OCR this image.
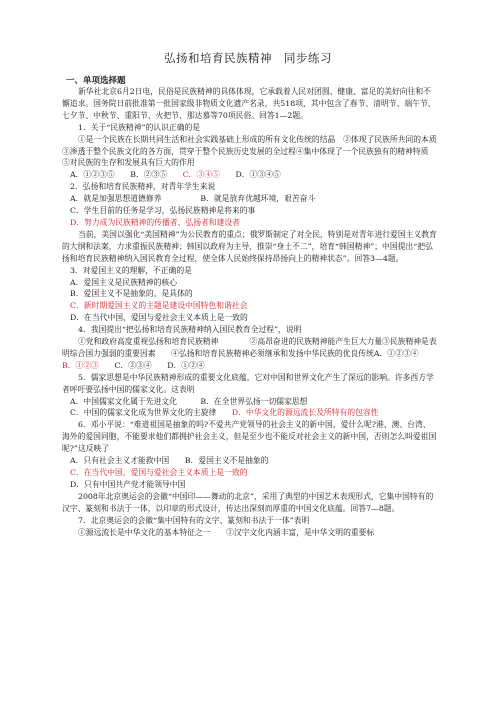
弘扬和培育民族精神　同步练习
一、单项选择题

新华社北京6月2日电，民俗是民族精神的具体体现，它承载着人民对团圆、健康、富足的美好向往和不懈追求。国务院日前批准第一批国家级非物质文化遗产名录，共518项，其中包含了春节、清明节、端午节、七夕节、中秋节、重阳节、火把节、那达慕等70项民俗。回答1—2题。

1．关于“民族精神”的认识正确的是

①是一个民族在长期共同生活和社会实践基础上形成的所有文化传统的结晶　②体现了民族所共同的本质　③渗透于整个民族文化的各方面，贯穿于整个民族历史发展的全过程④集中体现了一个民族独有的精神特质　　⑤对民族的生存和发展具有巨大的作用

A．①②③⑤　　B．②③⑤　　C．③④⑤　　D．①③④⑤

2．弘扬和培育民族精神，对青年学生来说

A．就是加强思想道德修养　　　　　B．就是放弃优越环境，艰苦奋斗

C．学生目前的任务是学习，弘扬民族精神是将来的事

D．努力成为民族精神的传播者、弘扬者和建设者

当前，美国以强化“美国精神”为公民教育的重点；俄罗斯制定了对全民，特别是对青年进行爱国主义教育的大纲和法案，力求重振民族精神；韩国以政府为主导，推崇“身土不二”，培育“韩国精神”；中国提出“把弘扬和培育民族精神纳入国民教育全过程，使全体人民始终保持昂扬向上的精神状态”。回答3—4题。

3．对爱国主义的理解，不正确的是

A．爱国主义是民族精神的核心

B．爱国主义不是抽象的，是具体的

C．新时期爱国主义的主题是建设中国特色和谐社会

D．在当代中国，爱国与爱社会主义本质上是一致的

4．我国提出“把弘扬和培育民族精神纳入国民教育全过程”，说明

①党和政府高度重视弘扬和培育民族精神　　　　②高昂奋进的民族精神能产生巨大力量③民族精神是表明综合国力强弱的重要因素　　④弘扬和培育民族精神必须继承和发扬中华民族的优良传统A．①②③④　　B．①②③　　C．②③④　　D．①②④

5．儒家思想是中华民族精神形成的重要文化底蕴，它对中国和世界文化产生了深远的影响。许多西方学者呼吁要弘扬中国的儒家文化。这表明

A．中国儒家文化属于先进文化　　　B．在全世界弘扬一切儒家思想

C．中国的儒家文化成为世界文化的主旋律　　D．中华文化的源远流长及所特有的包容性

6．邓小平说：“难道祖国是抽象的吗?不爱共产党领导的社会主义的新中国，爱什么呢?港、澳、台湾、海外的爱国同胞，不能要求他们都拥护社会主义，但是至少也不能反对社会主义的新中国，否则怎么叫爱祖国呢?”这反映了

A．只有社会主义才能救中国　　B．爱国主义不是抽象的

C．在当代中国，爱国与爱社会主义本质上是一致的

D．只有中国共产党才能领导中国

2008年北京奥运会的会徽“中国印——舞动的北京”，采用了典型的中国艺术表现形式，它集中国特有的汉字、篆刻和书法于一体，以印章的形式设计，传达出深刻而厚重的中国文化底蕴。回答7—8题。

7．北京奥运会的会徽“集中国特有的文字、篆刻和书法于一体”表明

①源远流长是中华文化的基本特征之一　　②汉字文化内涵丰富，是中华文明的重要标
